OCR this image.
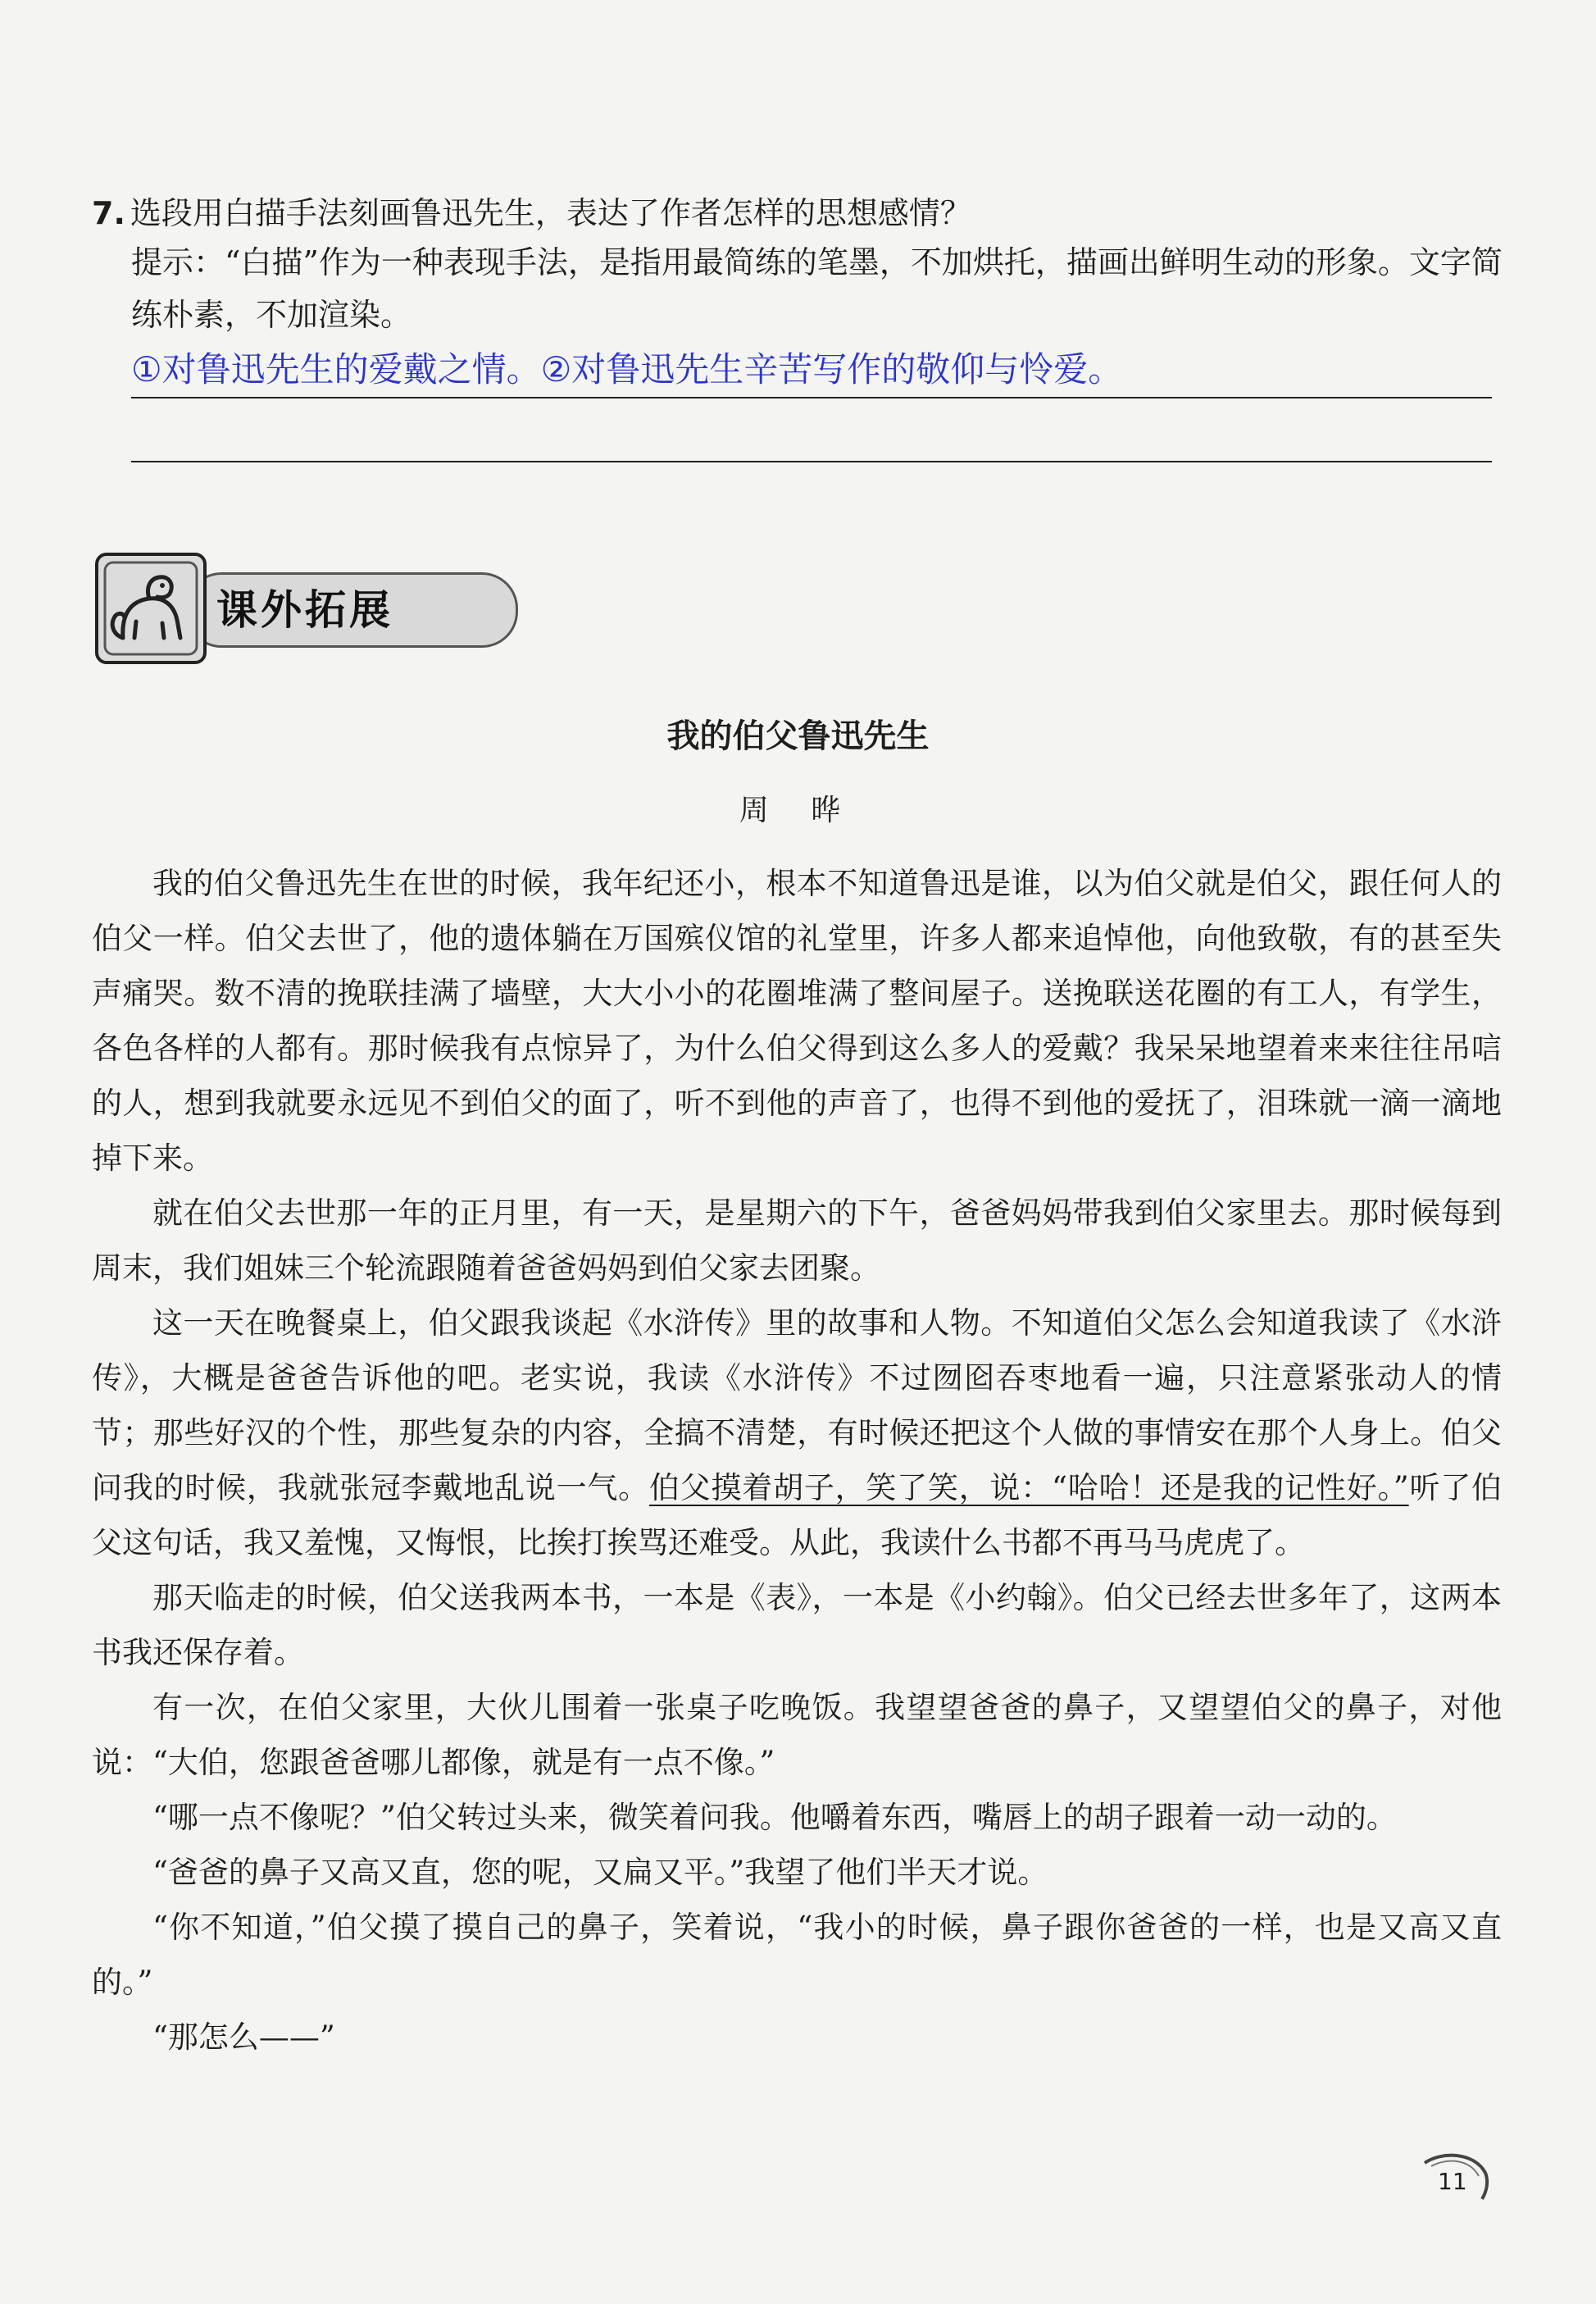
7. 选段用白描手法刻画鲁迅先生，表达了作者怎样的思想感情？
提示：“白描”作为一种表现手法，是指用最简练的笔墨，不加烘托，描画出鲜明生动的形象。文字简练朴素，不加渲染。
①对鲁迅先生的爱戴之情。②对鲁迅先生辛苦写作的敬仰与怜爱。
课外拓展
我的伯父鲁迅先生
周 晔

我的伯父鲁迅先生在世的时候，我年纪还小，根本不知道鲁迅是谁，以为伯父就是伯父，跟任何人的伯父一样。伯父去世了，他的遗体躺在万国殡仪馆的礼堂里，许多人都来追悼他，向他致敬，有的甚至失声痛哭。数不清的挽联挂满了墙壁，大大小小的花圈堆满了整间屋子。送挽联送花圈的有工人，有学生，各色各样的人都有。那时候我有点惊异了，为什么伯父得到这么多人的爱戴？我呆呆地望着来来往往吊唁的人，想到我就要永远见不到伯父的面了，听不到他的声音了，也得不到他的爱抚了，泪珠就一滴一滴地掉下来。

就在伯父去世那一年的正月里，有一天，是星期六的下午，爸爸妈妈带我到伯父家里去。那时候每到周末，我们姐妹三个轮流跟随着爸爸妈妈到伯父家去团聚。

这一天在晚餐桌上，伯父跟我谈起《水浒传》里的故事和人物。不知道伯父怎么会知道我读了《水浒传》，大概是爸爸告诉他的吧。老实说，我读《水浒传》不过囫囵吞枣地看一遍，只注意紧张动人的情节；那些好汉的个性，那些复杂的内容，全搞不清楚，有时候还把这个人做的事情安在那个人身上。伯父问我的时候，我就张冠李戴地乱说一气。伯父摸着胡子，笑了笑，说：“哈哈！还是我的记性好。”听了伯父这句话，我又羞愧，又悔恨，比挨打挨骂还难受。从此，我读什么书都不再马马虎虎了。

那天临走的时候，伯父送我两本书，一本是《表》，一本是《小约翰》。伯父已经去世多年了，这两本书我还保存着。

有一次，在伯父家里，大伙儿围着一张桌子吃晚饭。我望望爸爸的鼻子，又望望伯父的鼻子，对他说：“大伯，您跟爸爸哪儿都像，就是有一点不像。”

“哪一点不像呢？”伯父转过头来，微笑着问我。他嚼着东西，嘴唇上的胡子跟着一动一动的。

“爸爸的鼻子又高又直，您的呢，又扁又平。”我望了他们半天才说。

“你不知道，”伯父摸了摸自己的鼻子，笑着说，“我小的时候，鼻子跟你爸爸的一样，也是又高又直的。”

“那怎么——”

11
